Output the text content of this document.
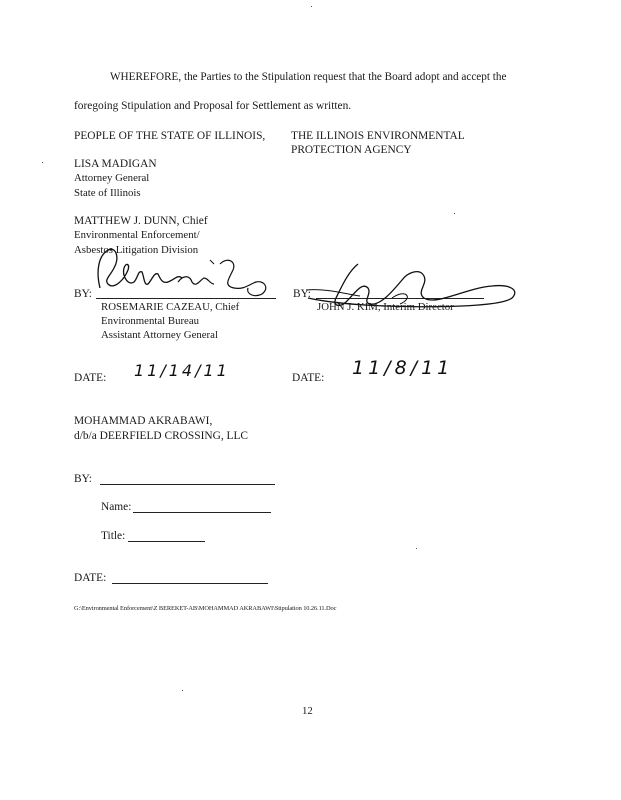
WHEREFORE, the Parties to the Stipulation request that the Board adopt and accept the
foregoing Stipulation and Proposal for Settlement as written.
PEOPLE OF THE STATE OF ILLINOIS, THE ILLINOIS ENVIRONMENTAL
PROTECTION AGENCY
LISA MADIGAN
Attorney General
State of Illinois
MATTHEW J. DUNN, Chief
Environmental Enforcement/
Asbestos Litigation Division
BY:	BY:
ROSEMARIE CAZEAU, Chief
Environmental Bureau
Assistant Attorney General
JOHN J. KIM, Interim Director
DATE: 11/14/11	DATE: 11/8/11
MOHAMMAD AKRABAWI,
d/b/a DEERFIELD CROSSING, LLC
BY:
Name:
Title:
DATE:
G:\Environmental Enforcement\Z BEREKET-AB\MOHAMMAD AKRABAWI\Stipulation 10.26.11.Doc
12
